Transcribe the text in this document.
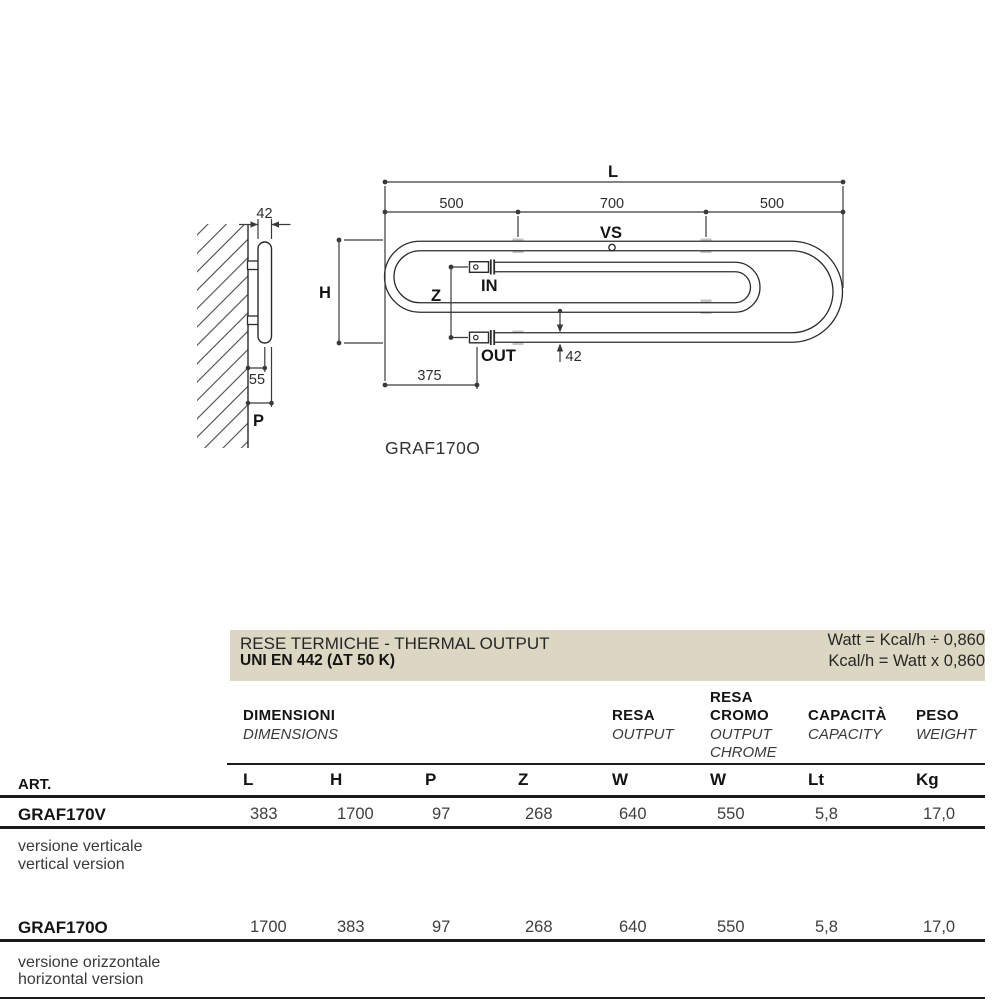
42
55
P
VS
IN
OUT
L
500	700	500
H	Z
42
375
GRAF170O
RESE TERMICHE - THERMAL OUTPUT
UNI EN 442 (ΔT 50 K)
Watt = Kcal/h ÷ 0,860
Kcal/h = Watt x 0,860
DIMENSIONI
DIMENSIONS
RESA
OUTPUT
RESA
CROMO
OUTPUT
CHROME
CAPACITÀ
CAPACITY
PESO
WEIGHT
ART.	L	H	P	Z	W	W	Lt	Kg
GRAF170V	383	1700	97	268	640	550	5,8	17,0
versione verticale
vertical version
GRAF170O	1700	383	97	268	640	550	5,8	17,0
versione orizzontale
horizontal version
